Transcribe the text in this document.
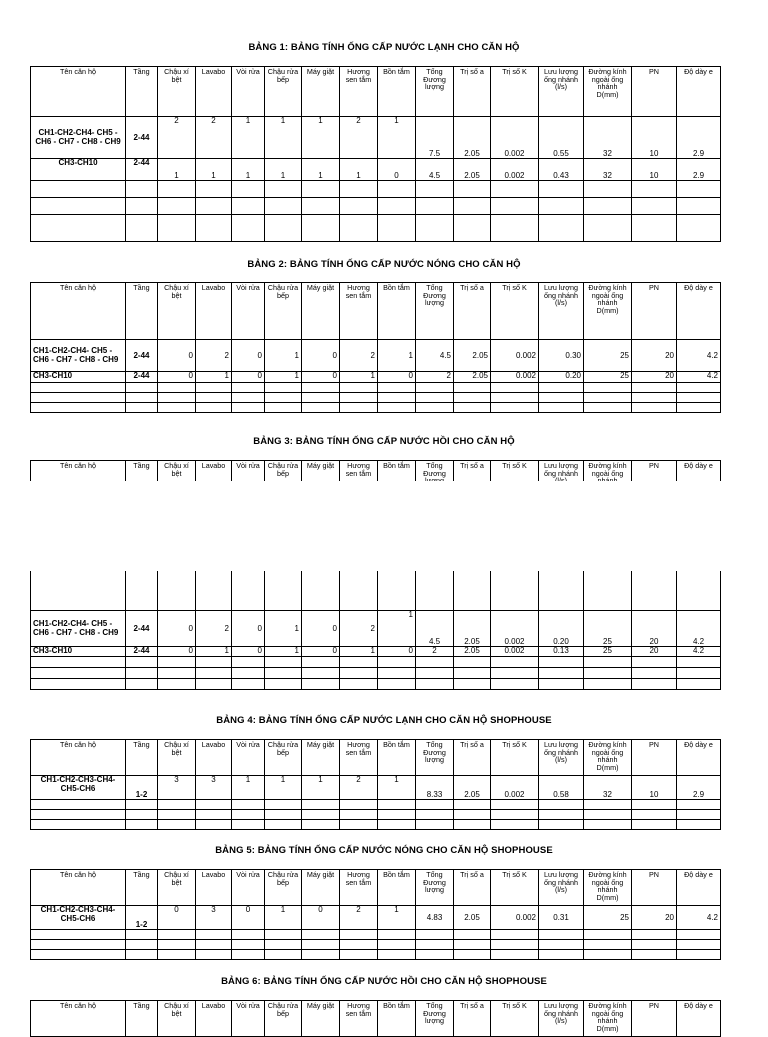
BẢNG 1: BẢNG TÍNH ỐNG CẤP NƯỚC LẠNH CHO CĂN HỘ
Tên căn hộ	Tầng	Chậu xí bệt	Lavabo	Vòi rửa	Chậu rửa bếp	Máy giặt	Hương sen tắm	Bồn tắm	Tổng Đương lượng	Trị số a	Trị số K	Lưu lượng ống nhánh (l/s)	Đường kính ngoài ống nhánh D(mm)	PN	Độ dày e
CH1-CH2-CH4- CH5 - CH6 - CH7 - CH8 - CH9	2-44	2	2	1	1	1	2	1	7.5	2.05	0.002	0.55	32	10	2.9
CH3-CH10	2-44	1	1	1	1	1	1	0	4.5	2.05	0.002	0.43	32	10	2.9

BẢNG 2: BẢNG TÍNH ỐNG CẤP NƯỚC NÓNG CHO CĂN HỘ
Tên căn hộ	Tầng	Chậu xí bệt	Lavabo	Vòi rửa	Chậu rửa bếp	Máy giặt	Hương sen tắm	Bồn tắm	Tổng Đương lượng	Trị số a	Trị số K	Lưu lượng ống nhánh (l/s)	Đường kính ngoài ống nhánh D(mm)	PN	Độ dày e
CH1-CH2-CH4- CH5 - CH6 - CH7 - CH8 - CH9	2-44	0	2	0	1	0	2	1	4.5	2.05	0.002	0.30	25	20	4.2
CH3-CH10	2-44	0	1	0	1	0	1	0	2	2.05	0.002	0.20	25	20	4.2

BẢNG 3: BẢNG TÍNH ỐNG CẤP NƯỚC HỒI CHO CĂN HỘ
Tên căn hộ	Tầng	Chậu xí bệt	Lavabo	Vòi rửa	Chậu rửa bếp	Máy giặt	Hương sen tắm	Bồn tắm	Tổng Đương	Trị số a	Trị số K	Lưu lượng ống nhánh	Đường kính ngoài ống	PN	Độ dày e
CH1-CH2-CH4- CH5 - CH6 - CH7 - CH8 - CH9	2-44	0	2	0	1	0	2	1	4.5	2.05	0.002	0.20	25	20	4.2
CH3-CH10	2-44	0	1	0	1	0	1	0	2	2.05	0.002	0.13	25	20	4.2

BẢNG 4: BẢNG TÍNH ỐNG CẤP NƯỚC LẠNH CHO CĂN HỘ SHOPHOUSE
Tên căn hộ	Tầng	Chậu xí bệt	Lavabo	Vòi rửa	Chậu rửa bếp	Máy giặt	Hương sen tắm	Bồn tắm	Tổng Đương lượng	Trị số a	Trị số K	Lưu lượng ống nhánh (l/s)	Đường kính ngoài ống nhánh D(mm)	PN	Độ dày e
CH1-CH2-CH3-CH4-CH5-CH6	1-2	3	3	1	1	1	2	1	8.33	2.05	0.002	0.58	32	10	2.9

BẢNG 5: BẢNG TÍNH ỐNG CẤP NƯỚC NÓNG CHO CĂN HỘ SHOPHOUSE
Tên căn hộ	Tầng	Chậu xí bệt	Lavabo	Vòi rửa	Chậu rửa bếp	Máy giặt	Hương sen tắm	Bồn tắm	Tổng Đương lượng	Trị số a	Trị số K	Lưu lượng ống nhánh (l/s)	Đường kính ngoài ống nhánh D(mm)	PN	Độ dày e
CH1-CH2-CH3-CH4-CH5-CH6	1-2	0	3	0	1	0	2	1	4.83	2.05	0.002	0.31	25	20	4.2

BẢNG 6: BẢNG TÍNH ỐNG CẤP NƯỚC HỒI CHO CĂN HỘ SHOPHOUSE
Tên căn hộ	Tầng	Chậu xí bệt	Lavabo	Vòi rửa	Chậu rửa bếp	Máy giặt	Hương sen tắm	Bồn tắm	Tổng Đương lượng	Trị số a	Trị số K	Lưu lượng ống nhánh (l/s)	Đường kính ngoài ống nhánh D(mm)	PN	Độ dày e
